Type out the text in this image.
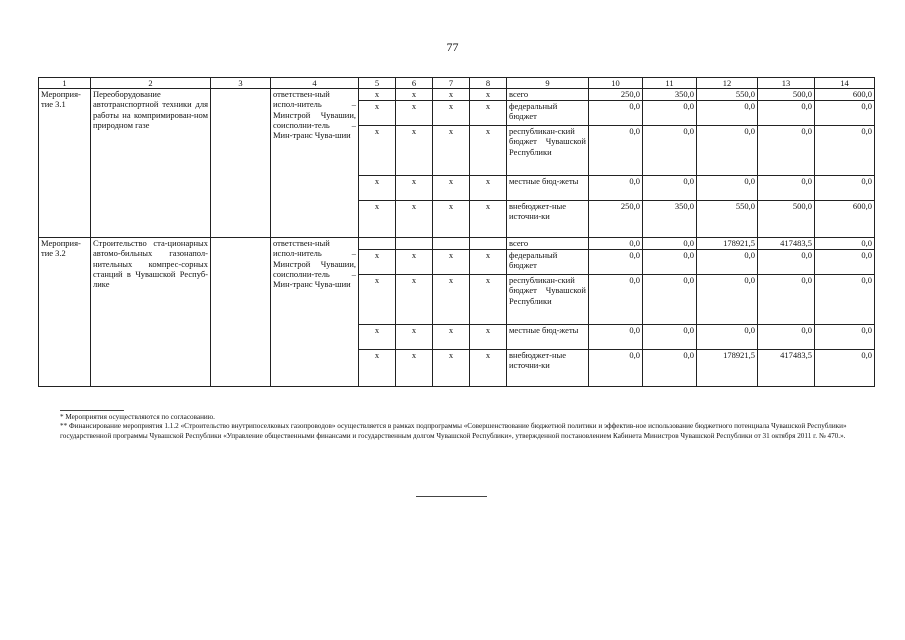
77
1	2	3	4	5	6	7	8	9	10	11	12	13	14
Мероприя-тие 3.1	Переоборудование автотранспортной техники для работы на компримирован-ном природном газе		ответствен-ный испол-нитель – Минстрой Чувашии, соисполни-тель – Мин-транс Чува-шии	x	x	x	x	всего	250,0	350,0	550,0	500,0	600,0
				x	x	x	x	федеральный бюджет	0,0	0,0	0,0	0,0	0,0
				x	x	x	x	республикан-ский бюджет Чувашской Республики	0,0	0,0	0,0	0,0	0,0
				x	x	x	x	местные бюд-жеты	0,0	0,0	0,0	0,0	0,0
				x	x	x	x	внебюджет-ные источни-ки	250,0	350,0	550,0	500,0	600,0
Мероприя-тие 3.2	Строительство ста-ционарных автомо-бильных газонапол-нительных компрес-сорных станций в Чувашской Респуб-лике		ответствен-ный испол-нитель – Минстрой Чувашии, соисполни-тель – Мин-транс Чува-шии					всего	0,0	0,0	178921,5	417483,5	0,0
				x	x	x	x	федеральный бюджет	0,0	0,0	0,0	0,0	0,0
				x	x	x	x	республикан-ский бюджет Чувашской Республики	0,0	0,0	0,0	0,0	0,0
				x	x	x	x	местные бюд-жеты	0,0	0,0	0,0	0,0	0,0
				x	x	x	x	внебюджет-ные источни-ки	0,0	0,0	178921,5	417483,5	0,0
* Мероприятия осуществляются по согласованию.
** Финансирование мероприятия 1.1.2 «Строительство внутрипоселковых газопроводов» осуществляется в рамках подпрограммы «Совершенствование бюджетной политики и эффектив-ное использование бюджетного потенциала Чувашской Республики» государственной программы Чувашской Республики «Управление общественными финансами и государственным долгом Чувашской Республики», утвержденной постановлением Кабинета Министров Чувашской Республики от 31 октября 2011 г. № 470.».
